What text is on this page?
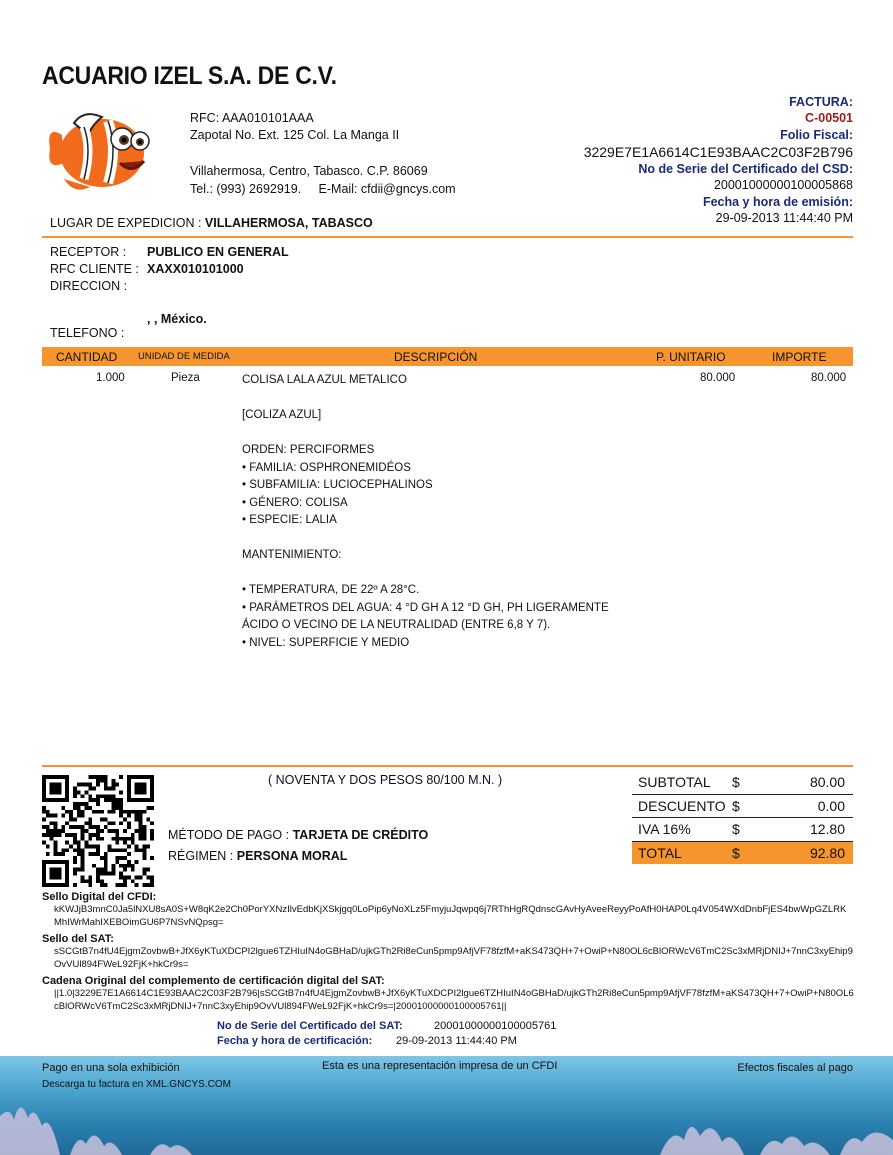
ACUARIO IZEL S.A. DE C.V.
RFC: AAA010101AAA
Zapotal No. Ext. 125 Col. La Manga II
Villahermosa, Centro, Tabasco. C.P. 86069
Tel.: (993) 2692919.     E-Mail: cfdii@gncys.com
LUGAR DE EXPEDICION : VILLAHERMOSA, TABASCO
FACTURA:
C-00501
Folio Fiscal:
3229E7E1A6614C1E93BAAC2C03F2B796
No de Serie del Certificado del CSD:
20001000000100005868
Fecha y hora de emisión:
29-09-2013 11:44:40 PM
RECEPTOR : PUBLICO EN GENERAL
RFC CLIENTE : XAXX010101000
DIRECCION :
, , México.
TELEFONO :
CANTIDAD UNIDAD DE MEDIDA	DESCRIPCIÓN	P. UNITARIO	IMPORTE
1.000	Pieza	80.000	80.000
COLISA LALA AZUL METALICO
[COLIZA AZUL]
ORDEN: PERCIFORMES
• FAMILIA: OSPHRONEMIDÉOS
• SUBFAMILIA: LUCIOCEPHALINOS
• GÉNERO: COLISA
• ESPECIE: LALIA
MANTENIMIENTO:
• TEMPERATURA, DE 22º A 28°C.
• PARÁMETROS DEL AGUA: 4 °D GH A 12 °D GH, PH LIGERAMENTE
ÁCIDO O VECINO DE LA NEUTRALIDAD (ENTRE 6,8 Y 7).
• NIVEL: SUPERFICIE Y MEDIO
( NOVENTA Y DOS PESOS 80/100 M.N. )
MÉTODO DE PAGO : TARJETA DE CRÉDITO
RÉGIMEN : PERSONA MORAL
SUBTOTAL $	80.00
DESCUENTO $	0.00
IVA 16%	$	12.80
TOTAL	$	92.80
Sello Digital del CFDI:
kKWJjB3mnC0Ja5lNXU8sA0S+W8qK2e2Ch0PorYXNzIlvEdbKjXSkjgq0LoPip6yNoXLz5FmyjuJqwpq6j7RThHgRQdnscGAvHyAveeReyyPoAfH0HAP0Lq4V054WXdDnbFjES4bwWpGZLRKMhIWrMahIXEBOimGU6P7NSvNQpsg=
Sello del SAT:
sSCGtB7n4fU4EjgmZovbwB+JfX6yKTuXDCPI2lgue6TZHIuIN4oGBHaD/ujkGTh2Ri8eCun5pmp9AfjVF78fzfM+aKS473QH+7+OwiP+N80OL6cBlORWcV6TmC2Sc3xMRjDNIJ+7nnC3xyEhip9OvVUl894FWeL92FjK+hkCr9s=
Cadena Original del complemento de certificación digital del SAT:
||1.0|3229E7E1A6614C1E93BAAC2C03F2B796|sSCGtB7n4fU4EjgmZovbwB+JfX6yKTuXDCPI2lgue6TZHIuIN4oGBHaD/ujkGTh2Ri8eCun5pmp9AfjVF78fzfM+aKS473QH+7+OwiP+N80OL6cBlORWcV6TmC2Sc3xMRjDNIJ+7nnC3xyEhip9OvVUl894FWeL92FjK+hkCr9s=|20001000000100005761||
No de Serie del Certificado del SAT:	20001000000100005761
Fecha y hora de certificación: 29-09-2013 11:44:40 PM
Pago en una sola exhibición
Descarga tu factura en XML.GNCYS.COM
Esta es una representación impresa de un CFDI	Efectos fiscales al pago
